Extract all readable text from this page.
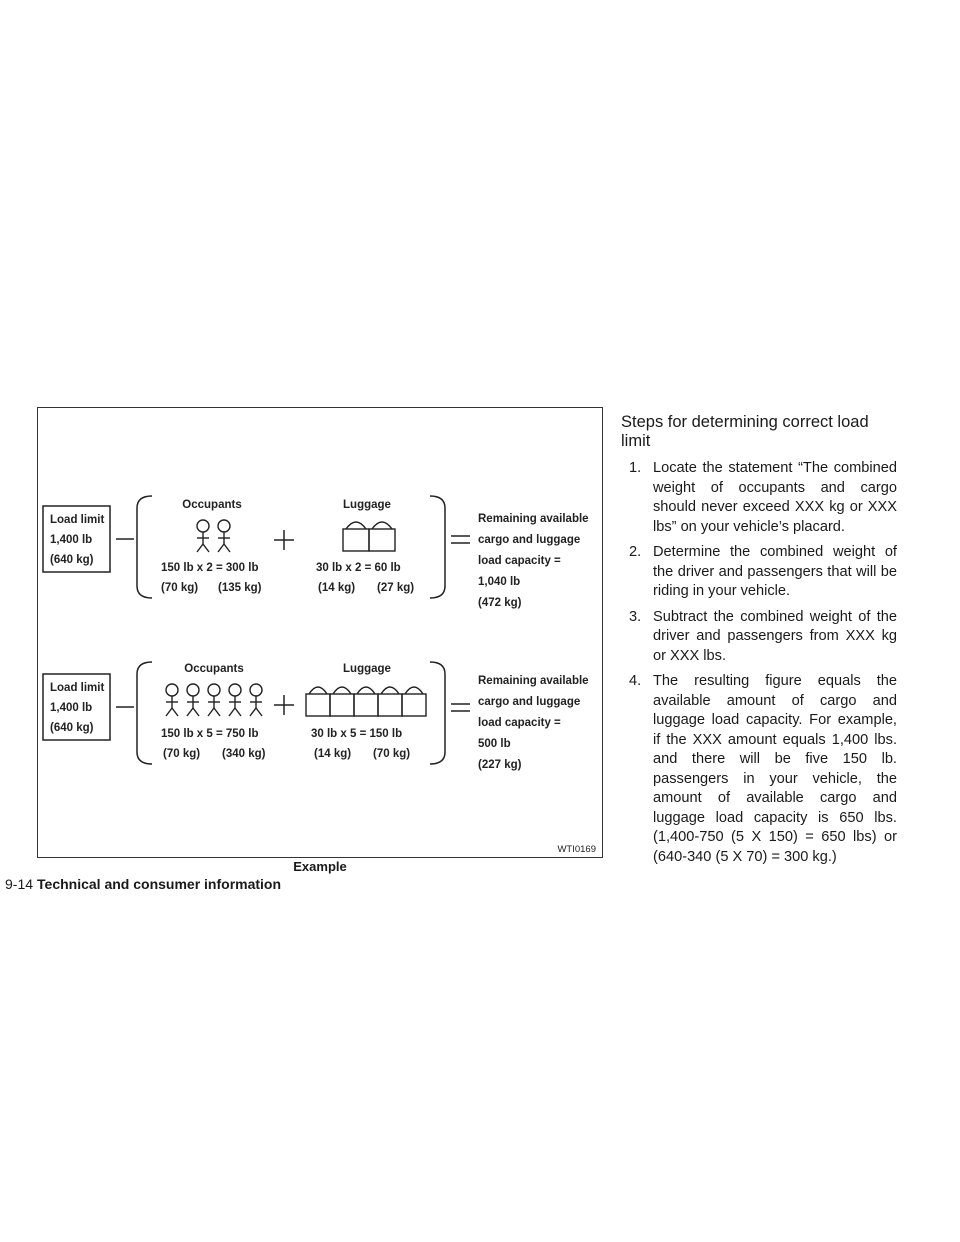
Load limit
1,400 lb
(640 kg)
Occupants
150 lb x 2 = 300 lb
(70 kg) (135 kg)
Luggage
30 lb x 2 = 60 lb
(14 kg) (27 kg)
Remaining available
cargo and luggage
load capacity =
1,040 lb
(472 kg)
Load limit
1,400 lb
(640 kg)
Occupants
150 lb x 5 = 750 lb
(70 kg) (340 kg)
Luggage
30 lb x 5 = 150 lb
(14 kg) (70 kg)
Remaining available
cargo and luggage
load capacity =
500 lb
(227 kg)
WTI0169
Example
9-14 Technical and consumer information
Steps for determining correct load limit
1. Locate the statement “The combined weight of occupants and cargo should never exceed XXX kg or XXX lbs” on your vehicle’s placard.
2. Determine the combined weight of the driver and passengers that will be riding in your vehicle.
3. Subtract the combined weight of the driver and passengers from XXX kg or XXX lbs.
4. The resulting figure equals the available amount of cargo and luggage load capacity. For example, if the XXX amount equals 1,400 lbs. and there will be five 150 lb. passengers in your vehicle, the amount of available cargo and luggage load capacity is 650 lbs. (1,400-750 (5 X 150) = 650 lbs) or (640-340 (5 X 70) = 300 kg.)
